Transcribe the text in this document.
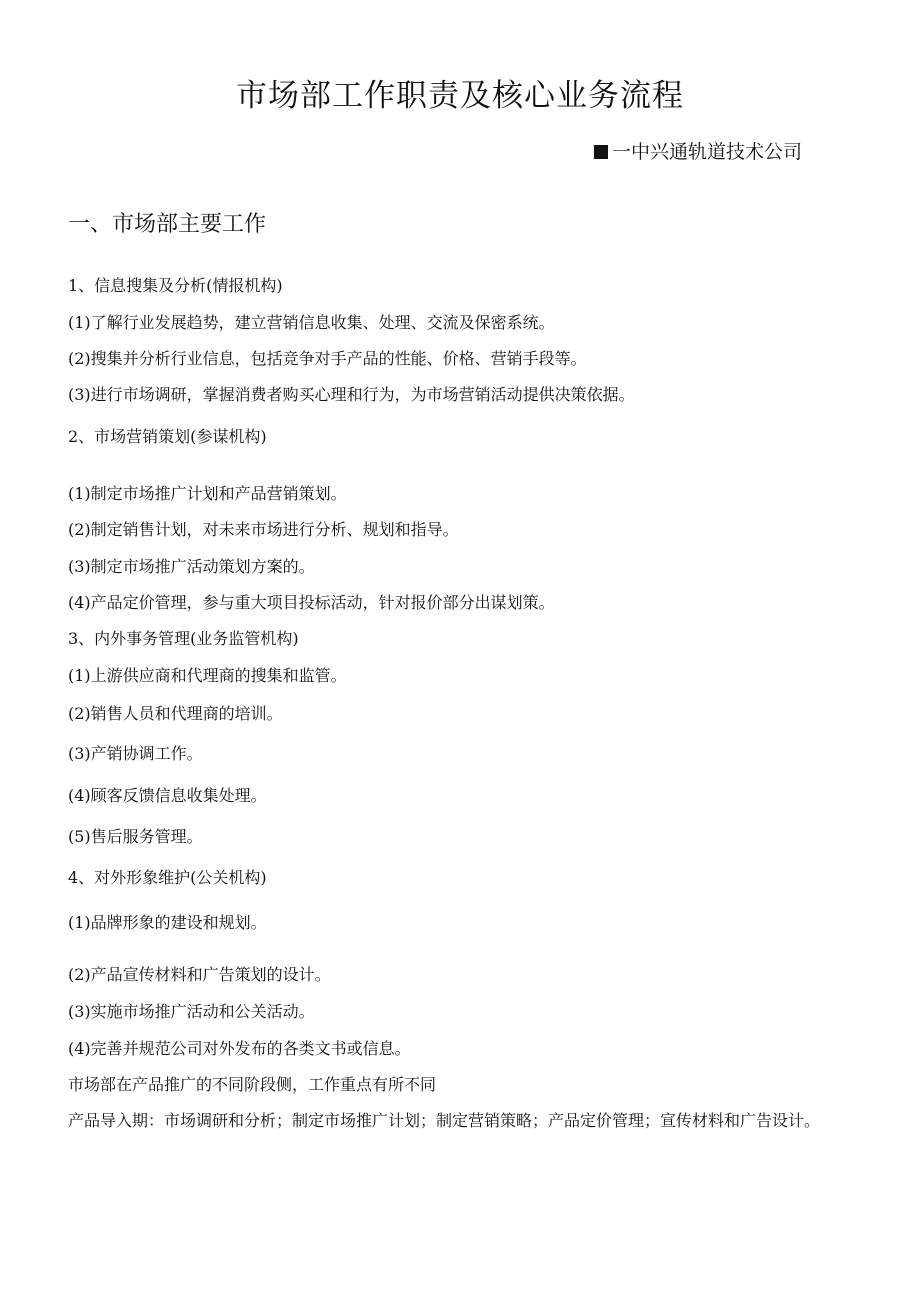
市场部工作职责及核心业务流程
一中兴通轨道技术公司
一、市场部主要工作
1、信息搜集及分析(情报机构)
(1)了解行业发展趋势，建立营销信息收集、处理、交流及保密系统。
(2)搜集并分析行业信息，包括竞争对手产品的性能、价格、营销手段等。
(3)进行市场调研，掌握消费者购买心理和行为，为市场营销活动提供决策依据。
2、市场营销策划(参谋机构)
(1)制定市场推广计划和产品营销策划。
(2)制定销售计划，对未来市场进行分析、规划和指导。
(3)制定市场推广活动策划方案的。
(4)产品定价管理，参与重大项目投标活动，针对报价部分出谋划策。
3、内外事务管理(业务监管机构)
(1)上游供应商和代理商的搜集和监管。
(2)销售人员和代理商的培训。
(3)产销协调工作。
(4)顾客反馈信息收集处理。
(5)售后服务管理。
4、对外形象维护(公关机构)
(1)品牌形象的建设和规划。
(2)产品宣传材料和广告策划的设计。
(3)实施市场推广活动和公关活动。
(4)完善并规范公司对外发布的各类文书或信息。
市场部在产品推广的不同阶段侧，工作重点有所不同
产品导入期：市场调研和分析；制定市场推广计划；制定营销策略；产品定价管理；宣传材料和广告设计。
